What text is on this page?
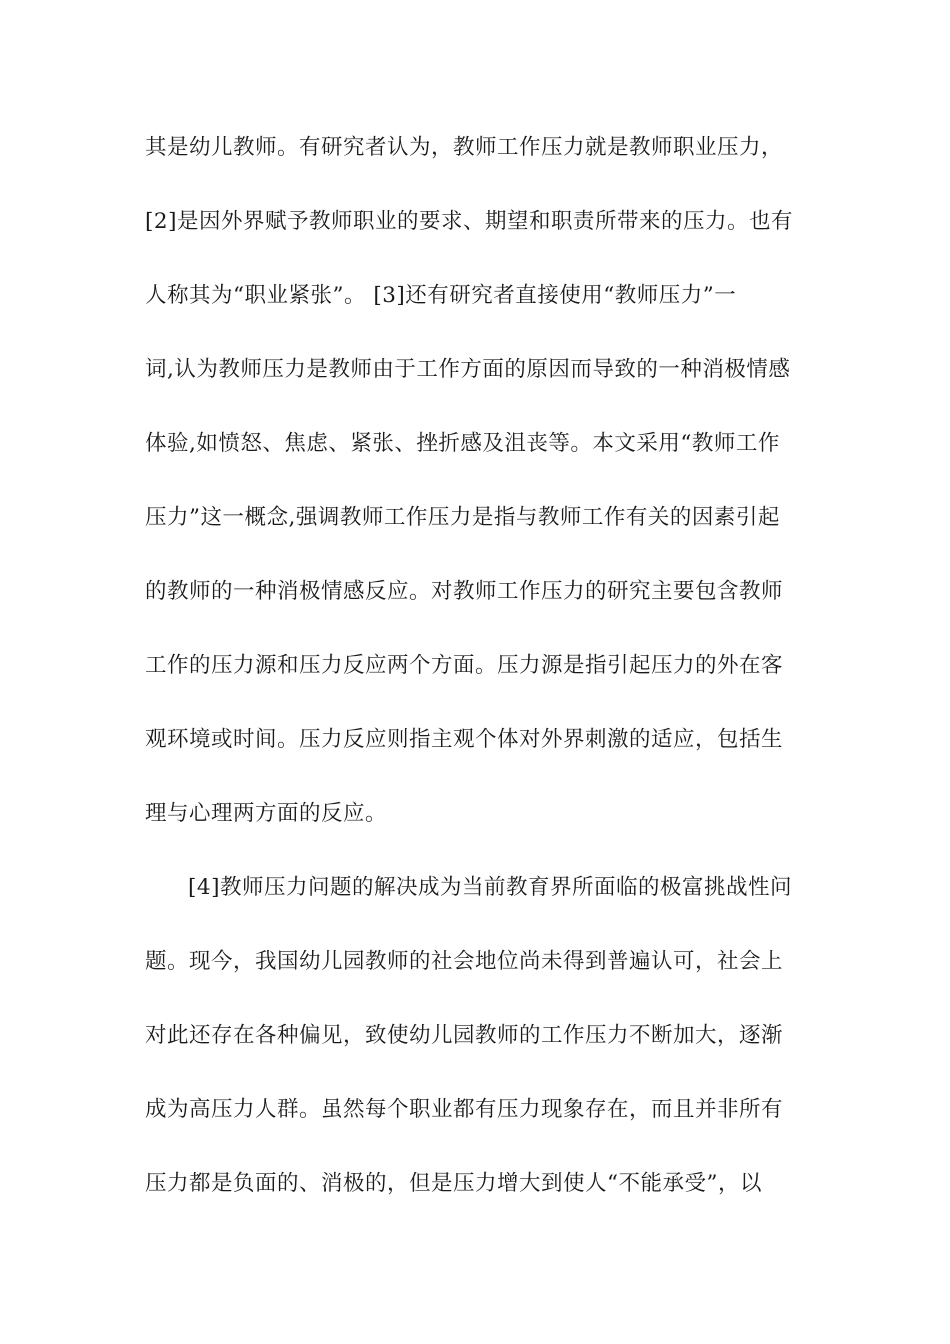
其是幼儿教师。有研究者认为，教师工作压力就是教师职业压力，
[2]是因外界赋予教师职业的要求、期望和职责所带来的压力。也有
人称其为“职业紧张”。 [3]还有研究者直接使用“教师压力”一
词,认为教师压力是教师由于工作方面的原因而导致的一种消极情感
体验,如愤怒、焦虑、紧张、挫折感及沮丧等。本文采用“教师工作
压力”这一概念,强调教师工作压力是指与教师工作有关的因素引起
的教师的一种消极情感反应。对教师工作压力的研究主要包含教师
工作的压力源和压力反应两个方面。压力源是指引起压力的外在客
观环境或时间。压力反应则指主观个体对外界刺激的适应，包括生
理与心理两方面的反应。
[4]教师压力问题的解决成为当前教育界所面临的极富挑战性问
题。现今，我国幼儿园教师的社会地位尚未得到普遍认可，社会上
对此还存在各种偏见，致使幼儿园教师的工作压力不断加大，逐渐
成为高压力人群。虽然每个职业都有压力现象存在，而且并非所有
压力都是负面的、消极的，但是压力增大到使人“不能承受”，以
